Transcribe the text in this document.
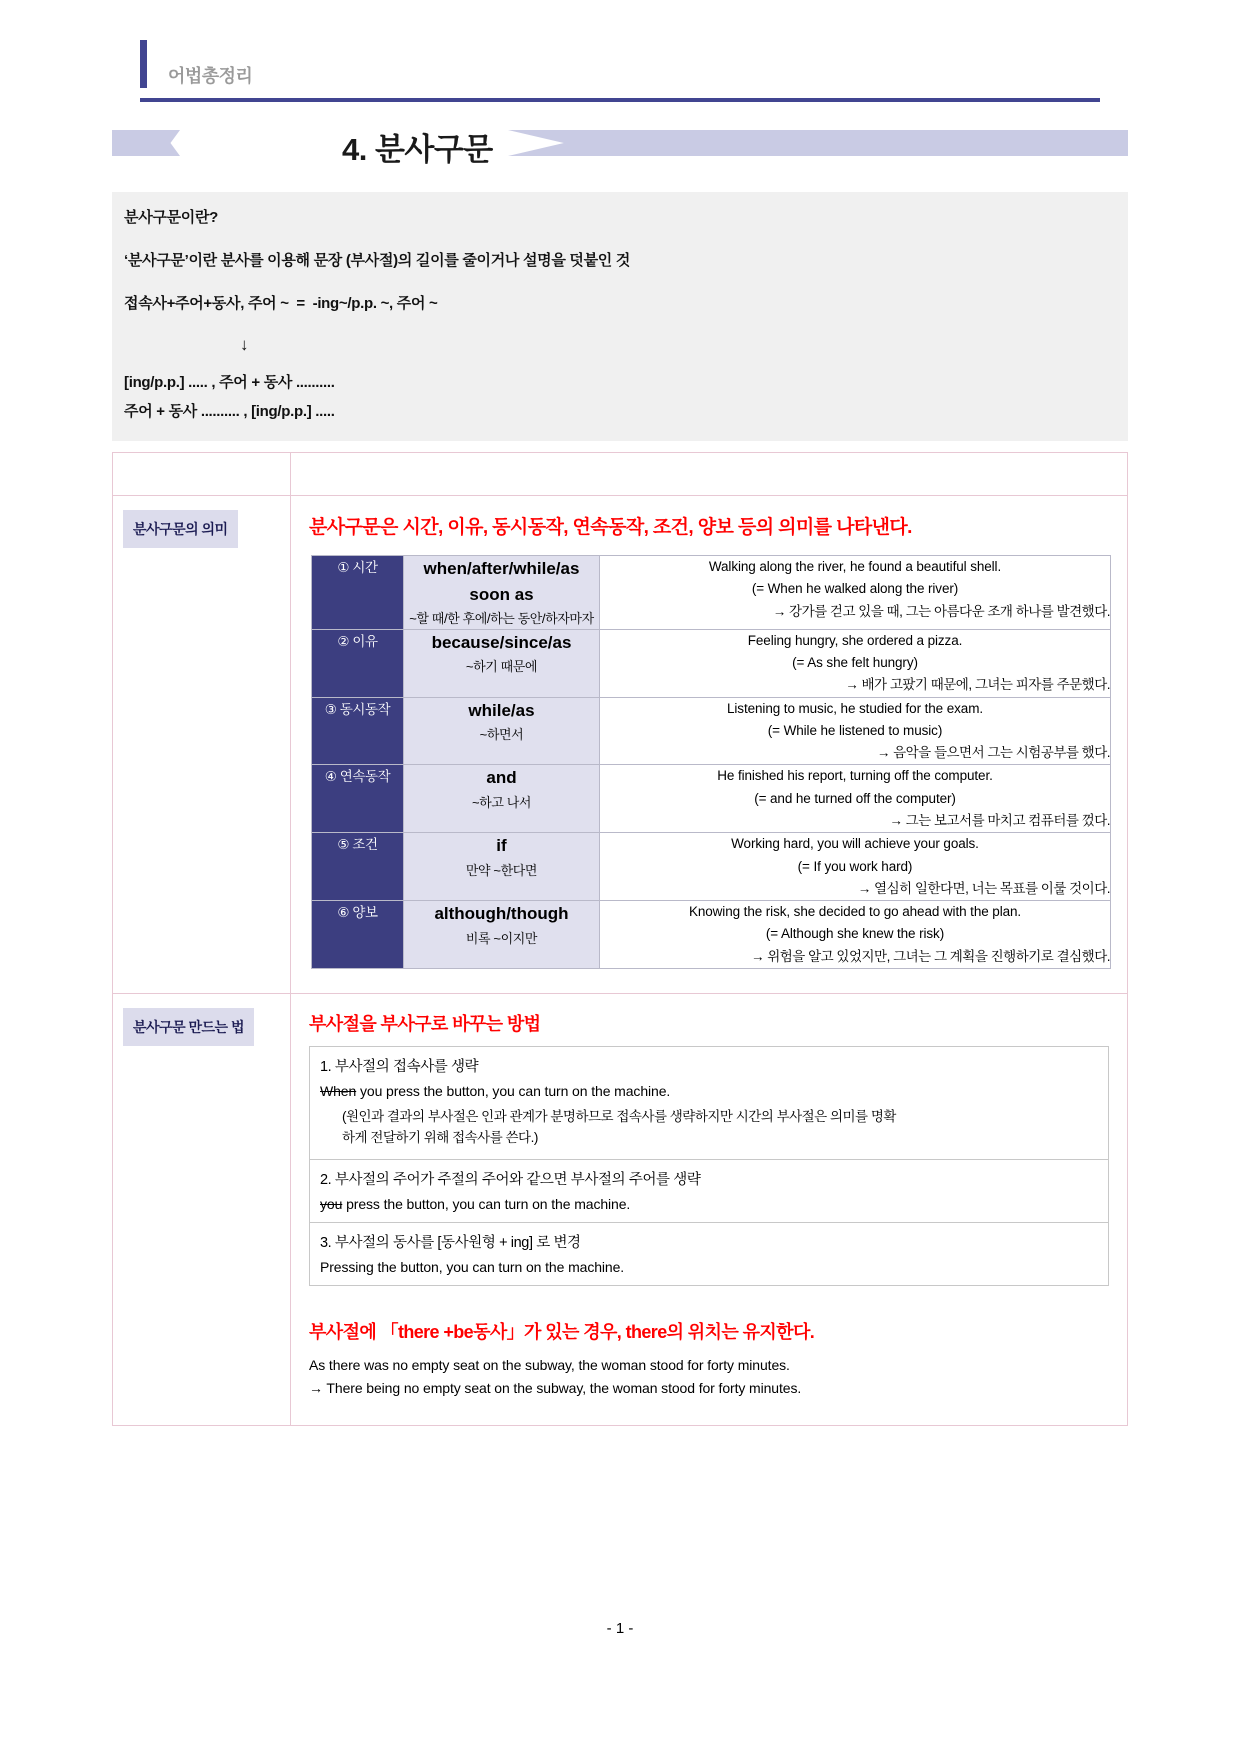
어법총정리
4. 분사구문

분사구문이란?

‘분사구문’이란 분사를 이용해 문장 (부사절)의 길이를 줄이거나 설명을 덧붙인 것

접속사+주어+동사, 주어 ~  =  -ing~/p.p. ~, 주어 ~

↓

[ing/p.p.] ..... , 주어 + 동사 ..........

주어 + 동사 .......... , [ing/p.p.] .....

분사구문의 의미	분사구문은 시간, 이유, 동시동작, 연속동작, 조건, 양보 등의 의미를 나타낸다.
① 시간	when/after/while/as soon as
~할 때/한 후에/하는 동안/하자마자

Walking along the river, he found a beautiful shell.
(= When he walked along the river)
→ 강가를 걷고 있을 때, 그는 아름다운 조개 하나를 발견했다.

② 이유	because/since/as
~하기 때문에

Feeling hungry, she ordered a pizza.
(= As she felt hungry)
→ 배가 고팠기 때문에, 그녀는 피자를 주문했다.

③ 동시동작	while/as
~하면서

Listening to music, he studied for the exam.
(= While he listened to music)
→ 음악을 들으면서 그는 시험공부를 했다.

④ 연속동작	and
~하고 나서

He finished his report, turning off the computer.
(= and he turned off the computer)
→ 그는 보고서를 마치고 컴퓨터를 껐다.

⑤ 조건	if
만약 ~한다면

Working hard, you will achieve your goals.
(= If you work hard)
→ 열심히 일한다면, 너는 목표를 이룰 것이다.

⑥ 양보	although/though
비록 ~이지만

Knowing the risk, she decided to go ahead with the plan.
(= Although she knew the risk)
→ 위험을 알고 있었지만, 그녀는 그 계획을 진행하기로 결심했다.

분사구문 만드는 법	부사절을 부사구로 바꾸는 방법
1. 부사절의 접속사를 생략
When you press the button, you can turn on the machine.
(원인과 결과의 부사절은 인과 관계가 분명하므로 접속사를 생략하지만 시간의 부사절은 의미를 명확
하게 전달하기 위해 접속사를 쓴다.)
2. 부사절의 주어가 주절의 주어와 같으면 부사절의 주어를 생략
you press the button, you can turn on the machine.
3. 부사절의 동사를 [동사원형 + ing] 로 변경
Pressing the button, you can turn on the machine.
부사절에 「there +be동사」가 있는 경우, there의 위치는 유지한다.
As there was no empty seat on the subway, the woman stood for forty minutes.
→ There being no empty seat on the subway, the woman stood for forty minutes.
- 1 -
